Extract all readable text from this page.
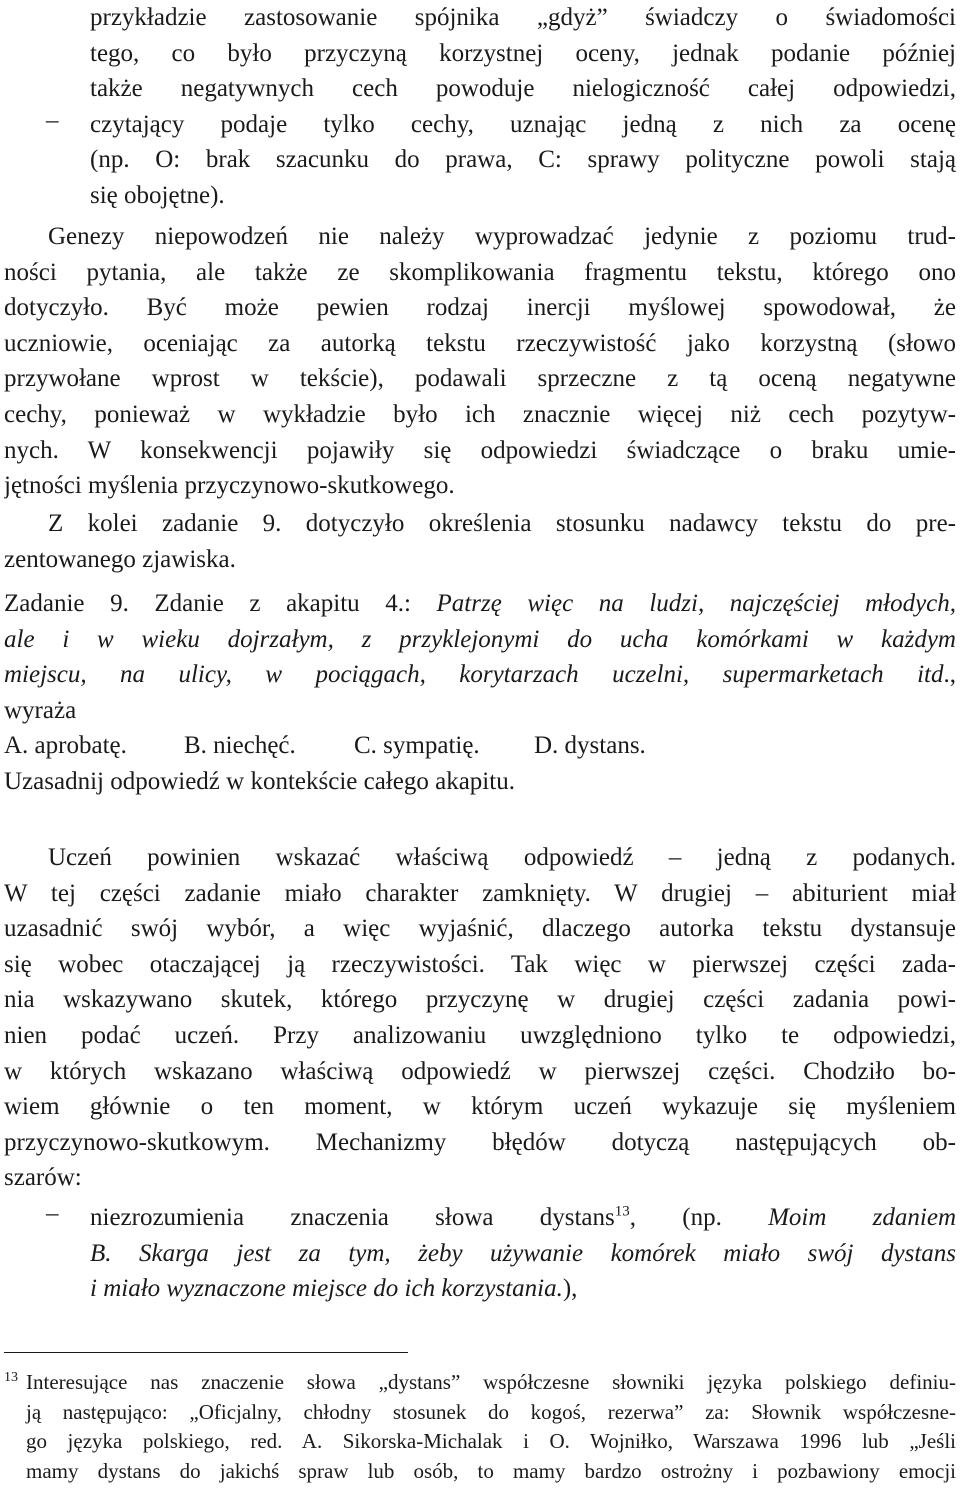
przykładzie zastosowanie spójnika „gdyż” świadczy o świadomości
tego, co było przyczyną korzystnej oceny, jednak podanie później
także negatywnych cech powoduje nielogiczność całej odpowiedzi,
–	czytający podaje tylko cechy, uznając jedną z nich za ocenę
(np. O: brak szacunku do prawa, C: sprawy polityczne powoli stają
się obojętne).
Genezy niepowodzeń nie należy wyprowadzać jedynie z poziomu trud-
ności pytania, ale także ze skomplikowania fragmentu tekstu, którego ono
dotyczyło. Być może pewien rodzaj inercji myślowej spowodował, że
uczniowie, oceniając za autorką tekstu rzeczywistość jako korzystną (słowo
przywołane wprost w tekście), podawali sprzeczne z tą oceną negatywne
cechy, ponieważ w wykładzie było ich znacznie więcej niż cech pozytyw-
nych. W konsekwencji pojawiły się odpowiedzi świadczące o braku umie-
jętności myślenia przyczynowo-skutkowego.
Z kolei zadanie 9. dotyczyło określenia stosunku nadawcy tekstu do pre-
zentowanego zjawiska.
Zadanie 9. Zdanie z akapitu 4.: Patrzę więc na ludzi, najczęściej młodych,
ale i w wieku dojrzałym, z przyklejonymi do ucha komórkami w każdym
miejscu, na ulicy, w pociągach, korytarzach uczelni, supermarketach itd.,
wyraża
A. aprobatę. B. niechęć. C. sympatię. D. dystans.
Uzasadnij odpowiedź w kontekście całego akapitu.
Uczeń powinien wskazać właściwą odpowiedź – jedną z podanych.
W tej części zadanie miało charakter zamknięty. W drugiej – abiturient miał
uzasadnić swój wybór, a więc wyjaśnić, dlaczego autorka tekstu dystansuje
się wobec otaczającej ją rzeczywistości. Tak więc w pierwszej części zada-
nia wskazywano skutek, którego przyczynę w drugiej części zadania powi-
nien podać uczeń. Przy analizowaniu uwzględniono tylko te odpowiedzi,
w których wskazano właściwą odpowiedź w pierwszej części. Chodziło bo-
wiem głównie o ten moment, w którym uczeń wykazuje się myśleniem
przyczynowo-skutkowym. Mechanizmy błędów dotyczą następujących ob-
szarów:
–	niezrozumienia znaczenia słowa dystans$^{13}$, (np. Moim zdaniem
B. Skarga jest za tym, żeby używanie komórek miało swój dystans
i miało wyznaczone miejsce do ich korzystania.),
13 Interesujące nas znaczenie słowa „dystans” współczesne słowniki języka polskiego definiu-
ją następująco: „Oficjalny, chłodny stosunek do kogoś, rezerwa” za: Słownik współczesne-
go języka polskiego, red. A. Sikorska-Michalak i O. Wojniłko, Warszawa 1996 lub „Jeśli
mamy dystans do jakichś spraw lub osób, to mamy bardzo ostrożny i pozbawiony emocji
